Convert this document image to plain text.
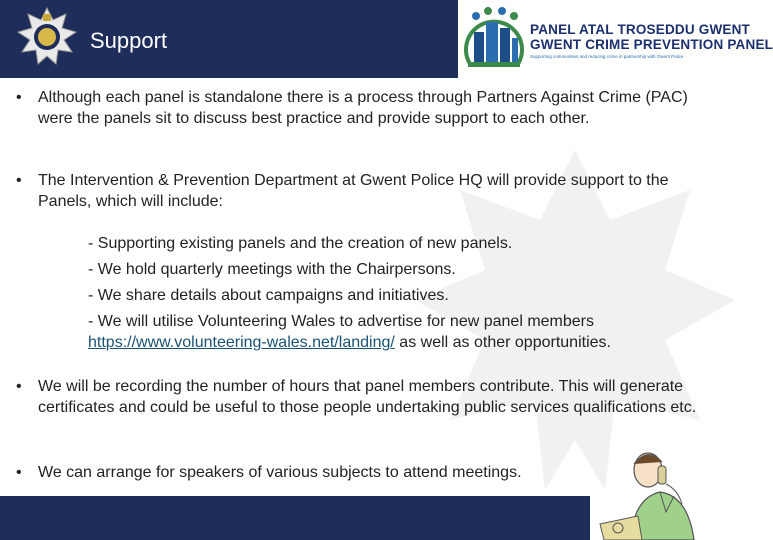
Support	PANEL ATAL TROSEDDU GWENT
GWENT CRIME PREVENTION PANEL
Supporting communities and reducing crime in partnership with Gwent Police
• Although each panel is standalone there is a process through Partners Against Crime (PAC) were the panels sit to discuss best practice and provide support to each other.
• The Intervention & Prevention Department at Gwent Police HQ will provide support to the Panels, which will include:
- Supporting existing panels and the creation of new panels.
- We hold quarterly meetings with the Chairpersons.
- We share details about campaigns and initiatives.
- We will utilise Volunteering Wales to advertise for new panel members
https://www.volunteering-wales.net/landing/ as well as other opportunities.
• We will be recording the number of hours that panel members contribute. This will generate certificates and could be useful to those people undertaking public services qualifications etc.
• We can arrange for speakers of various subjects to attend meetings.
